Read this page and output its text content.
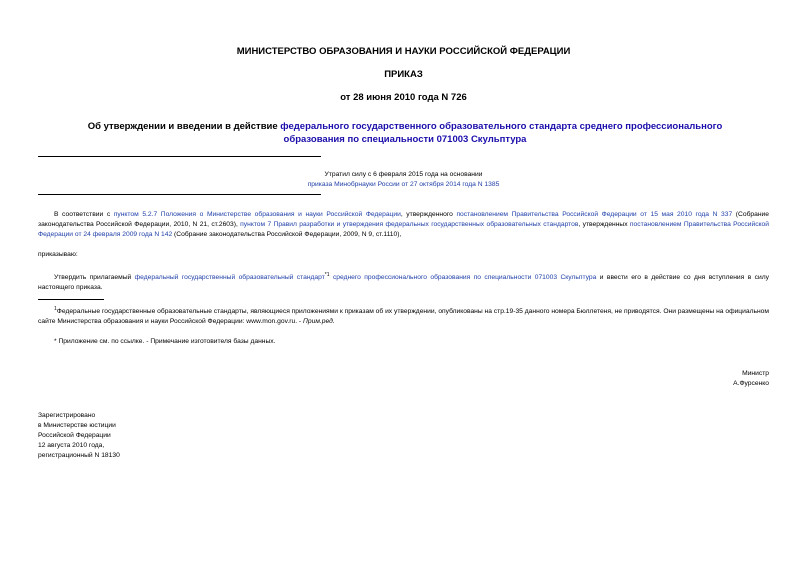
МИНИСТЕРСТВО ОБРАЗОВАНИЯ И НАУКИ РОССИЙСКОЙ ФЕДЕРАЦИИ
ПРИКАЗ
от 28 июня 2010 года N 726
Об утверждении и введении в действие федерального государственного образовательного стандарта среднего профессионального образования по специальности 071003 Скульптура
Утратил силу с 6 февраля 2015 года на основании
приказа Минобрнауки России от 27 октября 2014 года N 1385
В соответствии с пунктом 5.2.7 Положения о Министерстве образования и науки Российской Федерации, утвержденного постановлением Правительства Российской Федерации от 15 мая 2010 года N 337 (Собрание законодательства Российской Федерации, 2010, N 21, ст.2603), пунктом 7 Правил разработки и утверждения федеральных государственных образовательных стандартов, утвержденных постановлением Правительства Российской Федерации от 24 февраля 2009 года N 142 (Собрание законодательства Российской Федерации, 2009, N 9, ст.1110),
приказываю:
Утвердить прилагаемый федеральный государственный образовательный стандарт$^{*1}$ среднего профессионального образования по специальности 071003 Скульптура и ввести его в действие со дня вступления в силу настоящего приказа.
$^1$Федеральные государственные образовательные стандарты, являющиеся приложениями к приказам об их утверждении, опубликованы на стр.19-35 данного номера Бюллетеня, не приводятся. Они размещены на официальном сайте Министерства образования и науки Российской Федерации: www.mon.gov.ru. - Прим.ред.
* Приложение см. по ссылке. - Примечание изготовителя базы данных.
Министр
А.Фурсенко
Зарегистрировано
в Министерстве юстиции
Российской Федерации
12 августа 2010 года,
регистрационный N 18130
